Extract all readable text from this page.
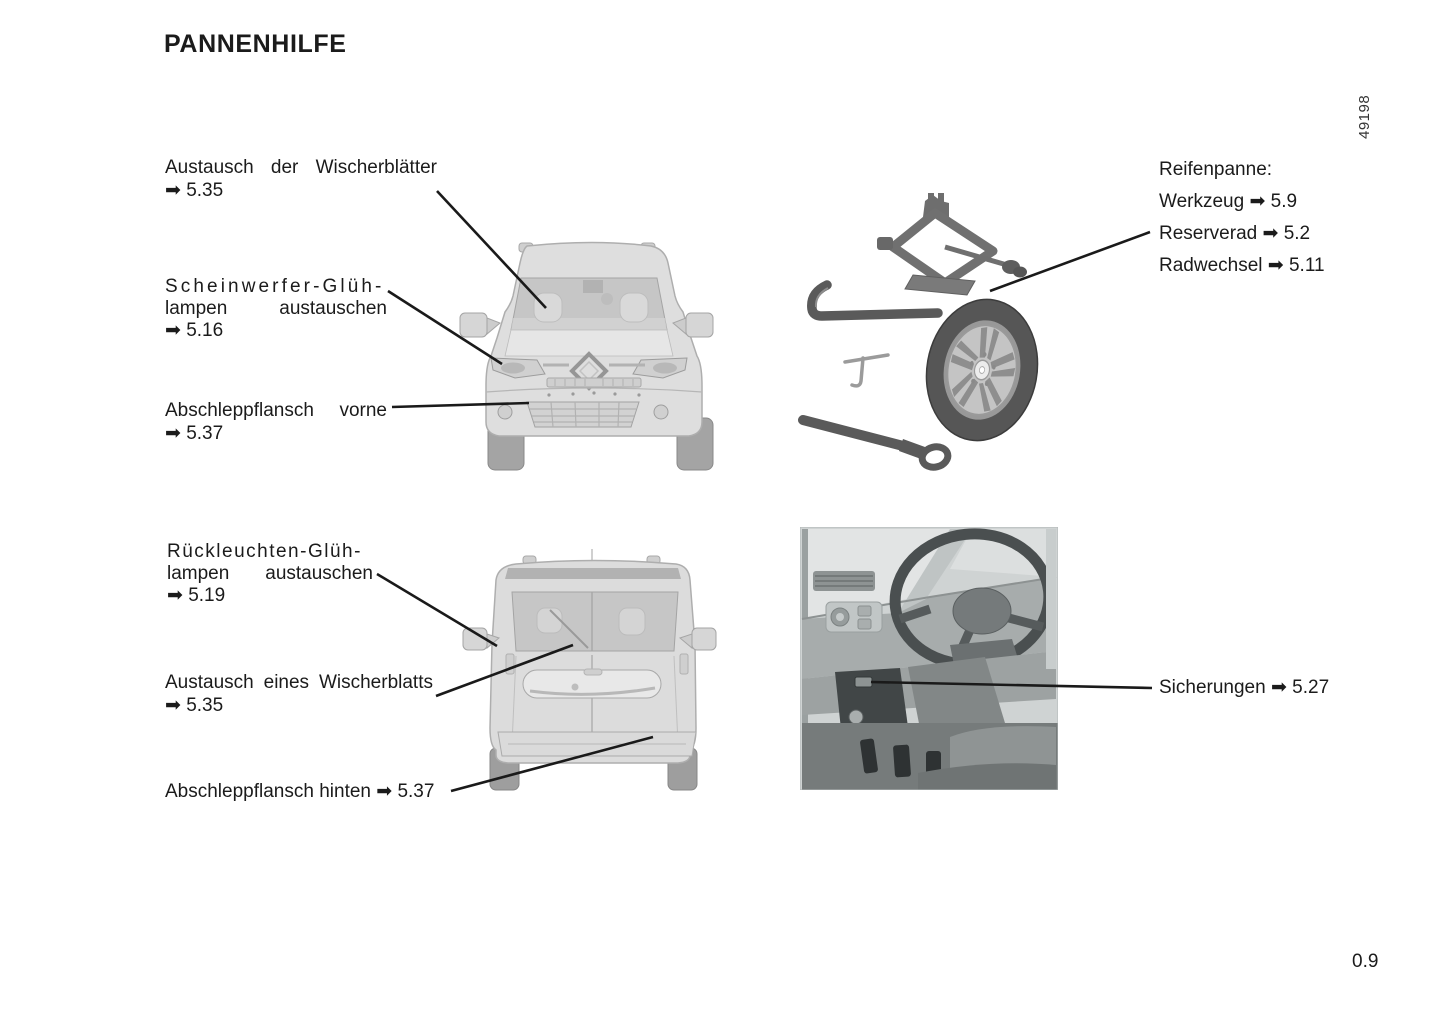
PANNENHILFE
Austausch der Wischerblätter
➡ 5.35
Scheinwerfer-Glüh-
lampen austauschen
➡ 5.16
Abschleppflansch vorne
➡ 5.37
Rückleuchten-Glüh-
lampen austauschen
➡ 5.19
Austausch eines Wischerblatts
➡ 5.35
Abschleppflansch hinten ➡ 5.37
Reifenpanne:
Werkzeug ➡ 5.9
Reserverad ➡ 5.2
Radwechsel ➡ 5.11
Sicherungen ➡ 5.27
49198
0.9
